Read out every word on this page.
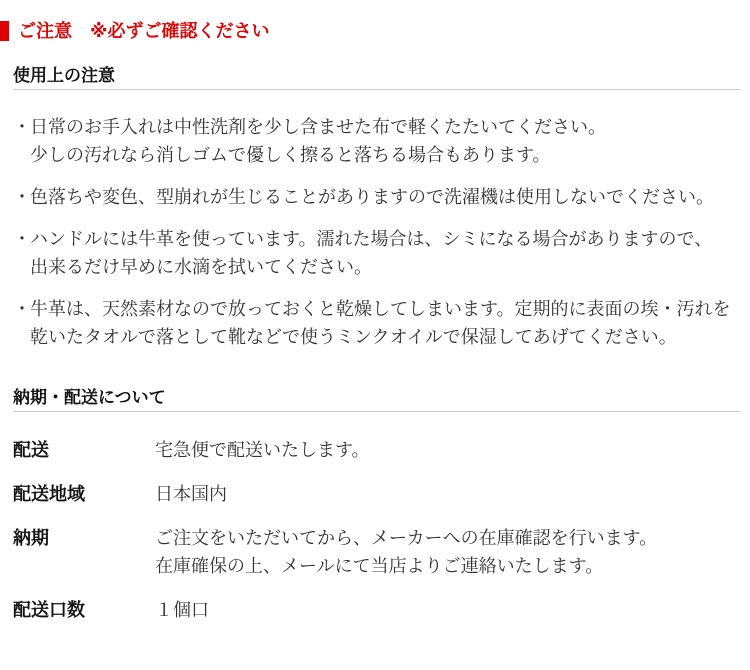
ご注意　※必ずご確認ください
使用上の注意
・ 日常のお手入れは中性洗剤を少し含ませた布で軽くたたいてください。
少しの汚れなら消しゴムで優しく擦ると落ちる場合もあります。
・ 色落ちや変色、型崩れが生じることがありますので洗濯機は使用しないでください。
・ ハンドルには牛革を使っています。濡れた場合は、シミになる場合がありますので、
出来るだけ早めに水滴を拭いてください。
・ 牛革は、天然素材なので放っておくと乾燥してしまいます。定期的に表面の埃・汚れを
乾いたタオルで落として靴などで使うミンクオイルで保湿してあげてください。
納期・配送について
配送	宅急便で配送いたします。
配送地域	日本国内
納期	ご注文をいただいてから、メーカーへの在庫確認を行います。
在庫確保の上、メールにて当店よりご連絡いたします。
配送口数	１個口
